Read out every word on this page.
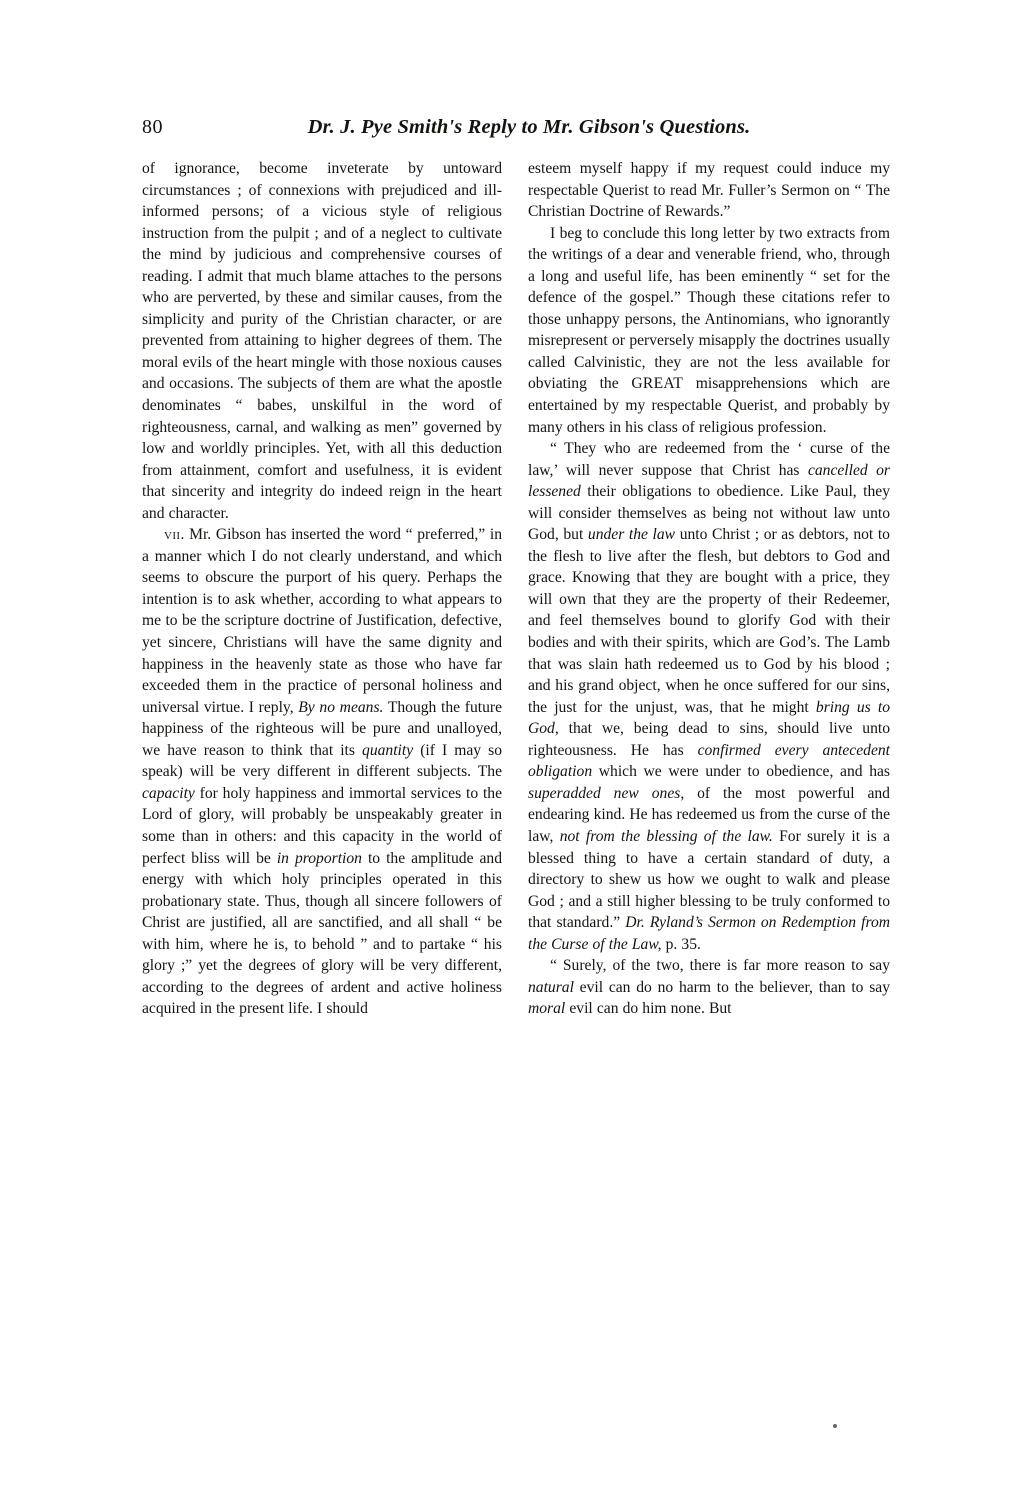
80	Dr. J. Pye Smith's Reply to Mr. Gibson's Questions.

of ignorance, become inveterate by untoward circumstances ; of connexions with prejudiced and ill-informed persons; of a vicious style of religious instruction from the pulpit ; and of a neglect to cultivate the mind by judicious and comprehensive courses of reading. I admit that much blame attaches to the persons who are perverted, by these and similar causes, from the simplicity and purity of the Christian character, or are prevented from attaining to higher degrees of them. The moral evils of the heart mingle with those noxious causes and occasions. The subjects of them are what the apostle denominates “ babes, unskilful in the word of righteousness, carnal, and walking as men” governed by low and worldly principles. Yet, with all this deduction from attainment, comfort and usefulness, it is evident that sincerity and integrity do indeed reign in the heart and character.

vii. Mr. Gibson has inserted the word “ preferred,” in a manner which I do not clearly understand, and which seems to obscure the purport of his query. Perhaps the intention is to ask whether, according to what appears to me to be the scripture doctrine of Justification, defective, yet sincere, Christians will have the same dignity and happiness in the heavenly state as those who have far exceeded them in the practice of personal holiness and universal virtue. I reply, By no means. Though the future happiness of the righteous will be pure and unalloyed, we have reason to think that its quantity (if I may so speak) will be very different in different subjects. The capacity for holy happiness and immortal services to the Lord of glory, will probably be unspeakably greater in some than in others: and this capacity in the world of perfect bliss will be in proportion to the amplitude and energy with which holy principles operated in this probationary state. Thus, though all sincere followers of Christ are justified, all are sanctified, and all shall “ be with him, where he is, to behold ” and to partake “ his glory ;” yet the degrees of glory will be very different, according to the degrees of ardent and active holiness acquired in the present life. I should

esteem myself happy if my request could induce my respectable Querist to read Mr. Fuller’s Sermon on “ The Christian Doctrine of Rewards.”

I beg to conclude this long letter by two extracts from the writings of a dear and venerable friend, who, through a long and useful life, has been eminently “ set for the defence of the gospel.” Though these citations refer to those unhappy persons, the Antinomians, who ignorantly misrepresent or perversely misapply the doctrines usually called Calvinistic, they are not the less available for obviating the GREAT misapprehensions which are entertained by my respectable Querist, and probably by many others in his class of religious profession.

“ They who are redeemed from the ‘ curse of the law,’ will never suppose that Christ has cancelled or lessened their obligations to obedience. Like Paul, they will consider themselves as being not without law unto God, but under the law unto Christ ; or as debtors, not to the flesh to live after the flesh, but debtors to God and grace. Knowing that they are bought with a price, they will own that they are the property of their Redeemer, and feel themselves bound to glorify God with their bodies and with their spirits, which are God’s. The Lamb that was slain hath redeemed us to God by his blood ; and his grand object, when he once suffered for our sins, the just for the unjust, was, that he might bring us to God, that we, being dead to sins, should live unto righteousness. He has confirmed every antecedent obligation which we were under to obedience, and has superadded new ones, of the most powerful and endearing kind. He has redeemed us from the curse of the law, not from the blessing of the law. For surely it is a blessed thing to have a certain standard of duty, a directory to shew us how we ought to walk and please God ; and a still higher blessing to be truly conformed to that standard.” Dr. Ryland’s Sermon on Redemption from the Curse of the Law, p. 35.

“ Surely, of the two, there is far more reason to say natural evil can do no harm to the believer, than to say moral evil can do him none. But
